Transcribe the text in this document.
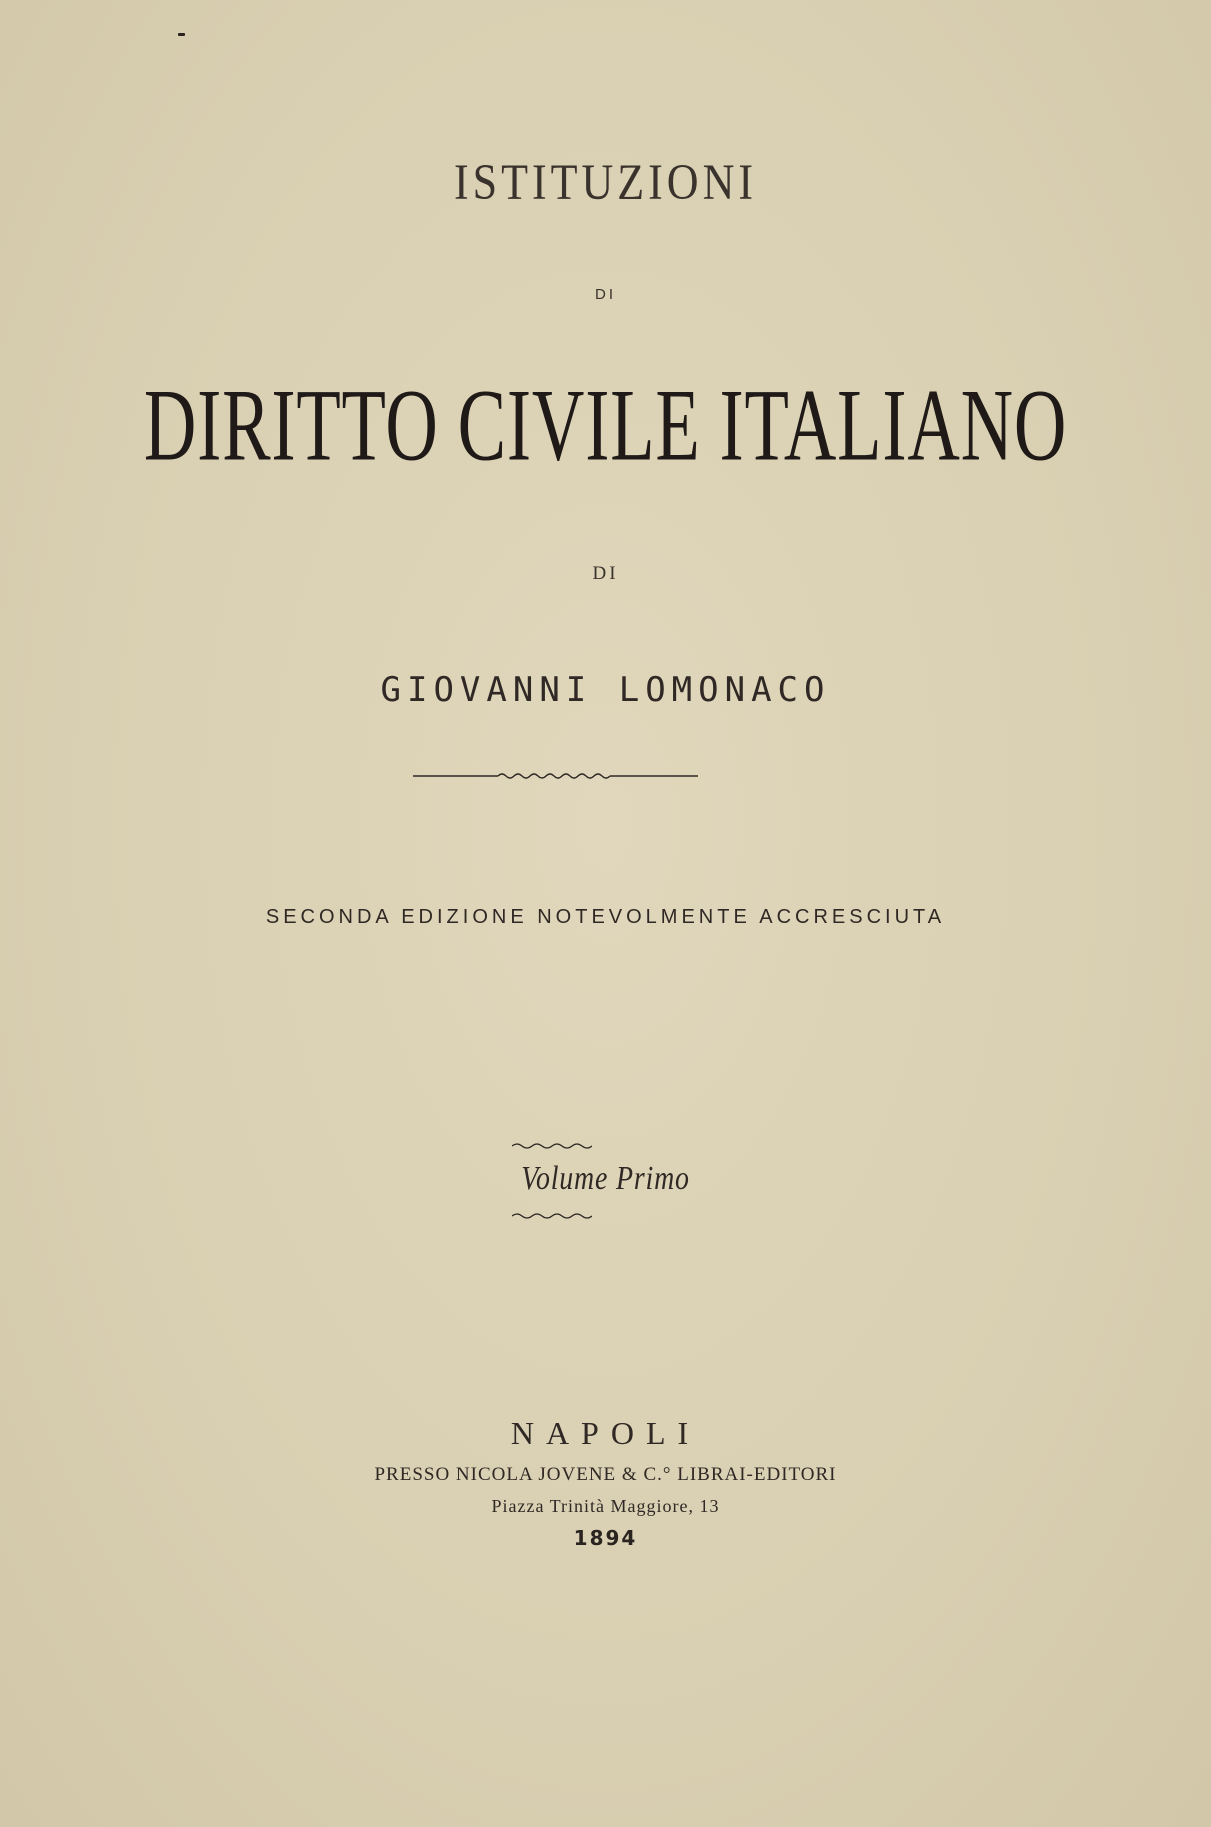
ISTITUZIONI
DI
DIRITTO CIVILE ITALIANO
DI
GIOVANNI LOMONACO
SECONDA EDIZIONE NOTEVOLMENTE ACCRESCIUTA
Volume Primo
NAPOLI
PRESSO NICOLA JOVENE & C.° LIBRAI-EDITORI
Piazza Trinità Maggiore, 13
1894
